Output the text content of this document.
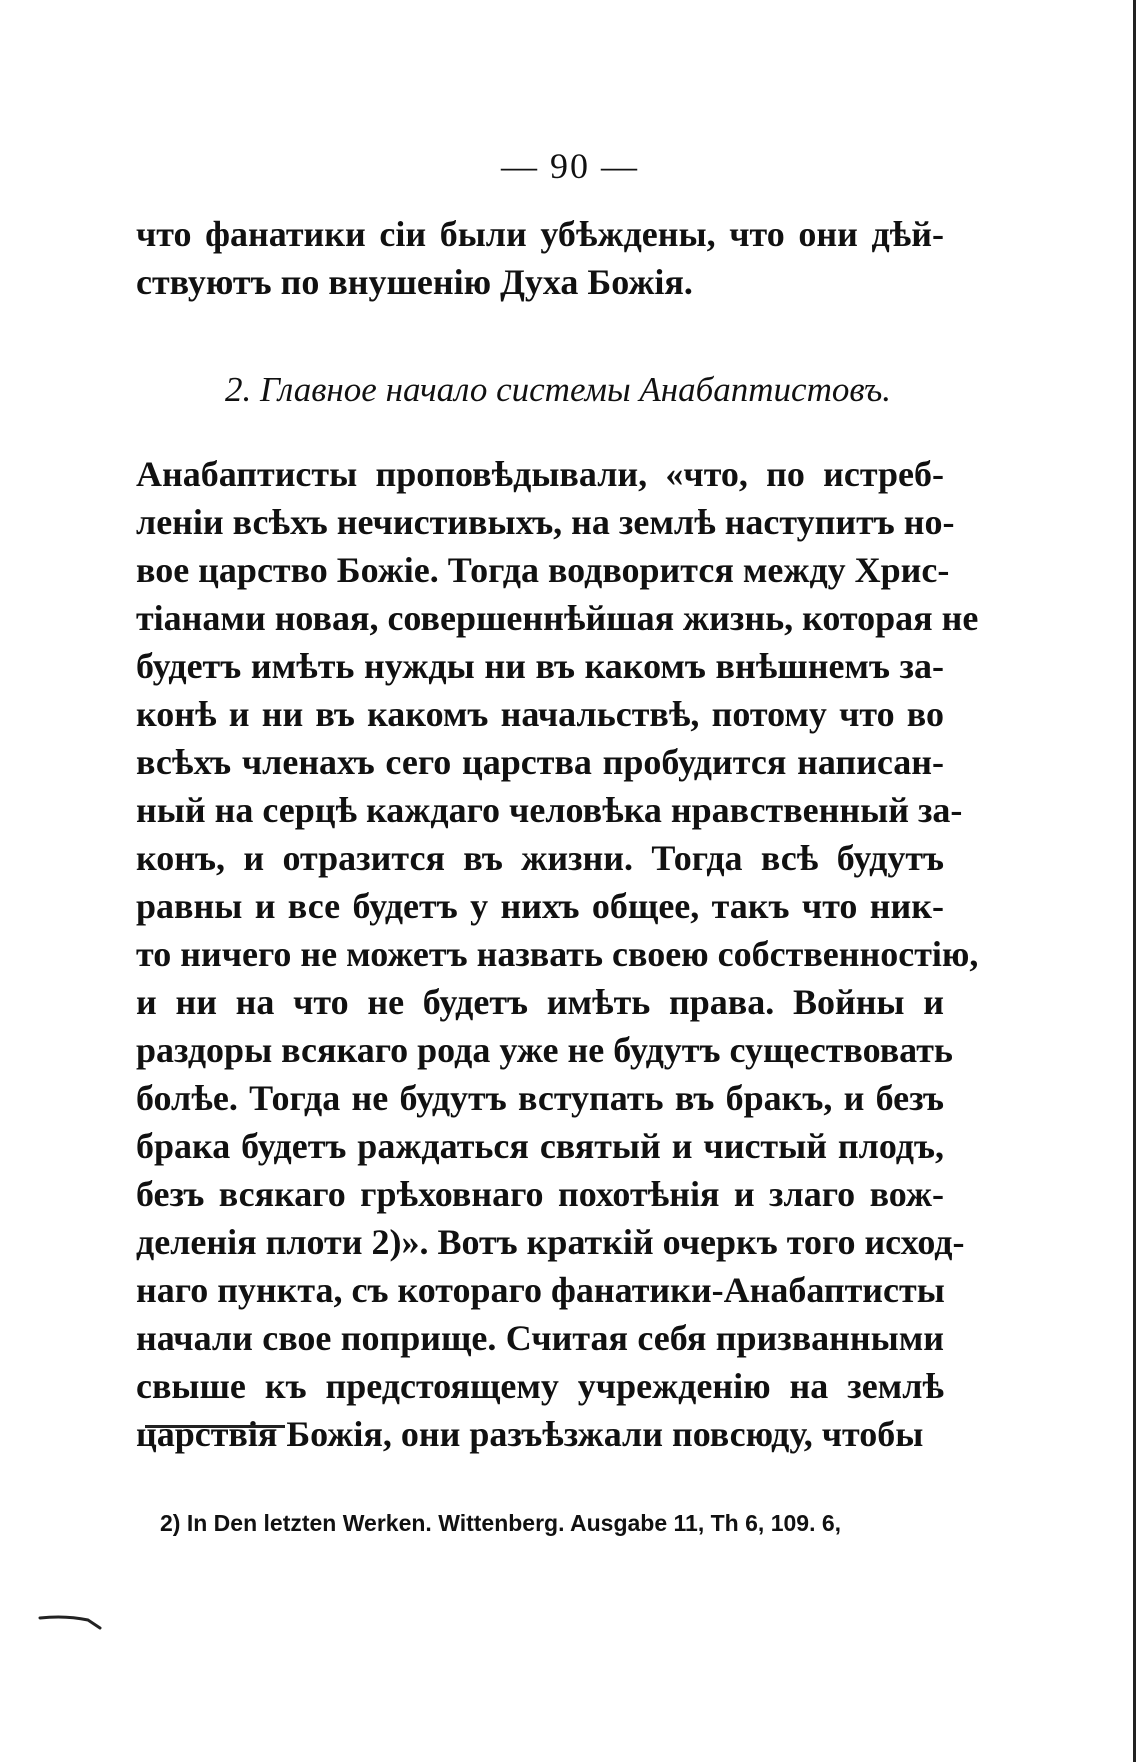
— 90 —
что фанатики сіи были убѣждены, что они дѣй-
ствуютъ по внушенію Духа Божія.
2. Главное начало системы Анабаптистовъ.
Анабаптисты проповѣдывали, «что, по истреб-
леніи всѣхъ нечистивыхъ, на землѣ наступитъ но-
вое царство Божіе. Тогда водворится между Хрис-
тіанами новая, совершеннѣйшая жизнь, которая не
будетъ имѣть нужды ни въ какомъ внѣшнемъ за-
конѣ и ни въ какомъ начальствѣ, потому что во
всѣхъ членахъ сего царства пробудится написан-
ный на серцѣ каждаго человѣка нравственный за-
конъ, и отразится въ жизни. Тогда всѣ будутъ
равны и все будетъ у нихъ общее, такъ что ник-
то ничего не можетъ назвать своею собственностію,
и ни на что не будетъ имѣть права. Войны и
раздоры всякаго рода уже не будутъ существовать
болѣе. Тогда не будутъ вступать въ бракъ, и безъ
брака будетъ раждаться святый и чистый плодъ,
безъ всякаго грѣховнаго похотѣнія и злаго вож-
деленія плоти 2)». Вотъ краткій очеркъ того исход-
наго пункта, съ котораго фанатики-Анабаптисты
начали свое поприще. Считая себя призванными
свыше къ предстоящему учрежденію на землѣ
царствія Божія, они разъѣзжали повсюду, чтобы
2) In Den letzten Werken. Wittenberg. Ausgabe 11, Th 6, 109. 6,
